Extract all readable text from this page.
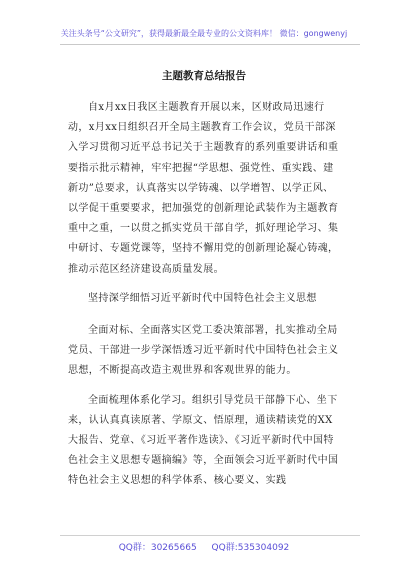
关注头条号“公文研究”，获得最新最全最专业的公文资料库！ 微信：gongwenyj
主题教育总结报告

自x月xx日我区主题教育开展以来，区财政局迅速行动，x月xx日组织召开全局主题教育工作会议，党员干部深入学习贯彻习近平总书记关于主题教育的系列重要讲话和重要指示批示精神，牢牢把握“学思想、强党性、重实践、建新功”总要求，认真落实以学铸魂、以学增智、以学正风、以学促干重要要求，把加强党的创新理论武装作为主题教育重中之重，一以贯之抓实党员干部自学，抓好理论学习、集中研讨、专题党课等，坚持不懈用党的创新理论凝心铸魂，推动示范区经济建设高质量发展。

坚持深学细悟习近平新时代中国特色社会主义思想

全面对标、全面落实区党工委决策部署，扎实推动全局党员、干部进一步学深悟透习近平新时代中国特色社会主义思想，不断提高改造主观世界和客观世界的能力。

全面梳理体系化学习。组织引导党员干部静下心、坐下来，认认真真读原著、学原文、悟原理，通读精读党的XX大报告、党章、《习近平著作选读》、《习近平新时代中国特色社会主义思想专题摘编》等，全面领会习近平新时代中国特色社会主义思想的科学体系、核心要义、实践

QQ群：30265665 QQ群:535304092
